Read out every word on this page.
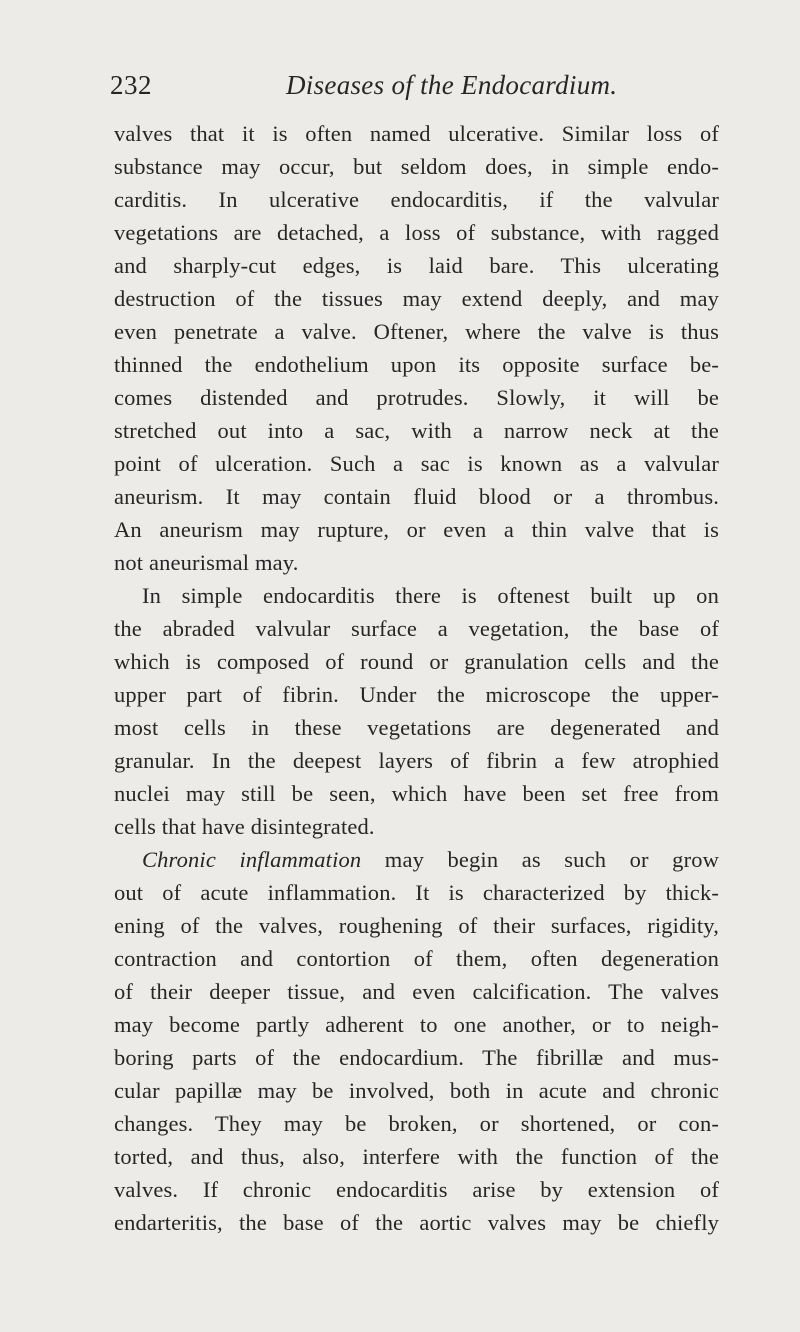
232	Diseases of the Endocardium.
valves that it is often named ulcerative. Similar loss of
substance may occur, but seldom does, in simple endo-
carditis. In ulcerative endocarditis, if the valvular
vegetations are detached, a loss of substance, with ragged
and sharply-cut edges, is laid bare. This ulcerating
destruction of the tissues may extend deeply, and may
even penetrate a valve. Oftener, where the valve is thus
thinned the endothelium upon its opposite surface be-
comes distended and protrudes. Slowly, it will be
stretched out into a sac, with a narrow neck at the
point of ulceration. Such a sac is known as a valvular
aneurism. It may contain fluid blood or a thrombus.
An aneurism may rupture, or even a thin valve that is
not aneurismal may.
In simple endocarditis there is oftenest built up on
the abraded valvular surface a vegetation, the base of
which is composed of round or granulation cells and the
upper part of fibrin. Under the microscope the upper-
most cells in these vegetations are degenerated and
granular. In the deepest layers of fibrin a few atrophied
nuclei may still be seen, which have been set free from
cells that have disintegrated.
Chronic inflammation may begin as such or grow
out of acute inflammation. It is characterized by thick-
ening of the valves, roughening of their surfaces, rigidity,
contraction and contortion of them, often degeneration
of their deeper tissue, and even calcification. The valves
may become partly adherent to one another, or to neigh-
boring parts of the endocardium. The fibrillæ and mus-
cular papillæ may be involved, both in acute and chronic
changes. They may be broken, or shortened, or con-
torted, and thus, also, interfere with the function of the
valves. If chronic endocarditis arise by extension of
endarteritis, the base of the aortic valves may be chiefly
